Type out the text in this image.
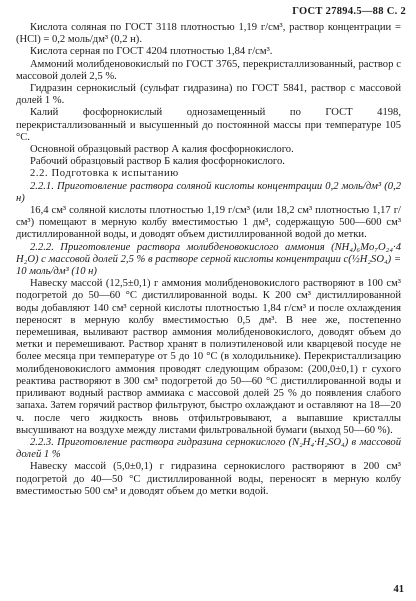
ГОСТ 27894.5—88 С. 2

Кислота соляная по ГОСТ 3118 плотностью 1,19 г/см³, раствор концентрации = (HCl) = 0,2 моль/дм³ (0,2 н).

Кислота серная по ГОСТ 4204 плотностью 1,84 г/см³.

Аммоний молибденовокислый по ГОСТ 3765, перекристаллизованный, раствор с массовой долей 2,5 %.

Гидразин сернокислый (сульфат гидразина) по ГОСТ 5841, раствор с массовой долей 1 %.

Калий фосфорнокислый однозамещенный по ГОСТ 4198, перекристаллизованный и высушенный до постоянной массы при температуре 105 °С.

Основной образцовый раствор А калия фосфорнокислого.

Рабочий образцовый раствор Б калия фосфорнокислого.

2.2. Подготовка к испытанию

2.2.1. Приготовление раствора соляной кислоты концентрации 0,2 моль/дм³ (0,2 н)

16,4 см³ соляной кислоты плотностью 1,19 г/см³ (или 18,2 см³ плотностью 1,17 г/см³) помещают в мерную колбу вместимостью 1 дм³, содержащую 500—600 см³ дистиллированной воды, и доводят объем дистиллированной водой до метки.

2.2.2. Приготовление раствора молибденовокислого аммония (NH₄)₆Mo₇O₂₄·4 H₂O) с массовой долей 2,5 % в растворе серной кислоты концентрации c(½H₂SO₄) = 10 моль/дм³ (10 н)

Навеску массой (12,5±0,1) г аммония молибденовокислого растворяют в 100 см³ подогретой до 50—60 °С дистиллированной воды. К 200 см³ дистиллированной воды добавляют 140 см³ серной кислоты плотностью 1,84 г/см³ и после охлаждения переносят в мерную колбу вместимостью 0,5 дм³. В нее же, постепенно перемешивая, выливают раствор аммония молибденовокислого, доводят объем до метки и перемешивают. Раствор хранят в полиэтиленовой или кварцевой посуде не более месяца при температуре от 5 до 10 °С (в холодильнике). Перекристаллизацию молибденовокислого аммония проводят следующим образом: (200,0±0,1) г сухого реактива растворяют в 300 см³ подогретой до 50—60 °С дистиллированной воды и приливают водный раствор аммиака с массовой долей 25 % до появления слабого запаха. Затем горячий раствор фильтруют, быстро охлаждают и оставляют на 18—20 ч. после чего жидкость вновь отфильтровывают, а выпавшие кристаллы высушивают на воздухе между листами фильтровальной бумаги (выход 50—60 %).

2.2.3. Приготовление раствора гидразина сернокислого (N₂H₄·H₂SO₄) в массовой долей 1 %

Навеску массой (5,0±0,1) г гидразина сернокислого растворяют в 200 см³ подогретой до 40—50 °С дистиллированной воды, переносят в мерную колбу вместимостью 500 см³ и доводят объем до метки водой.

41
